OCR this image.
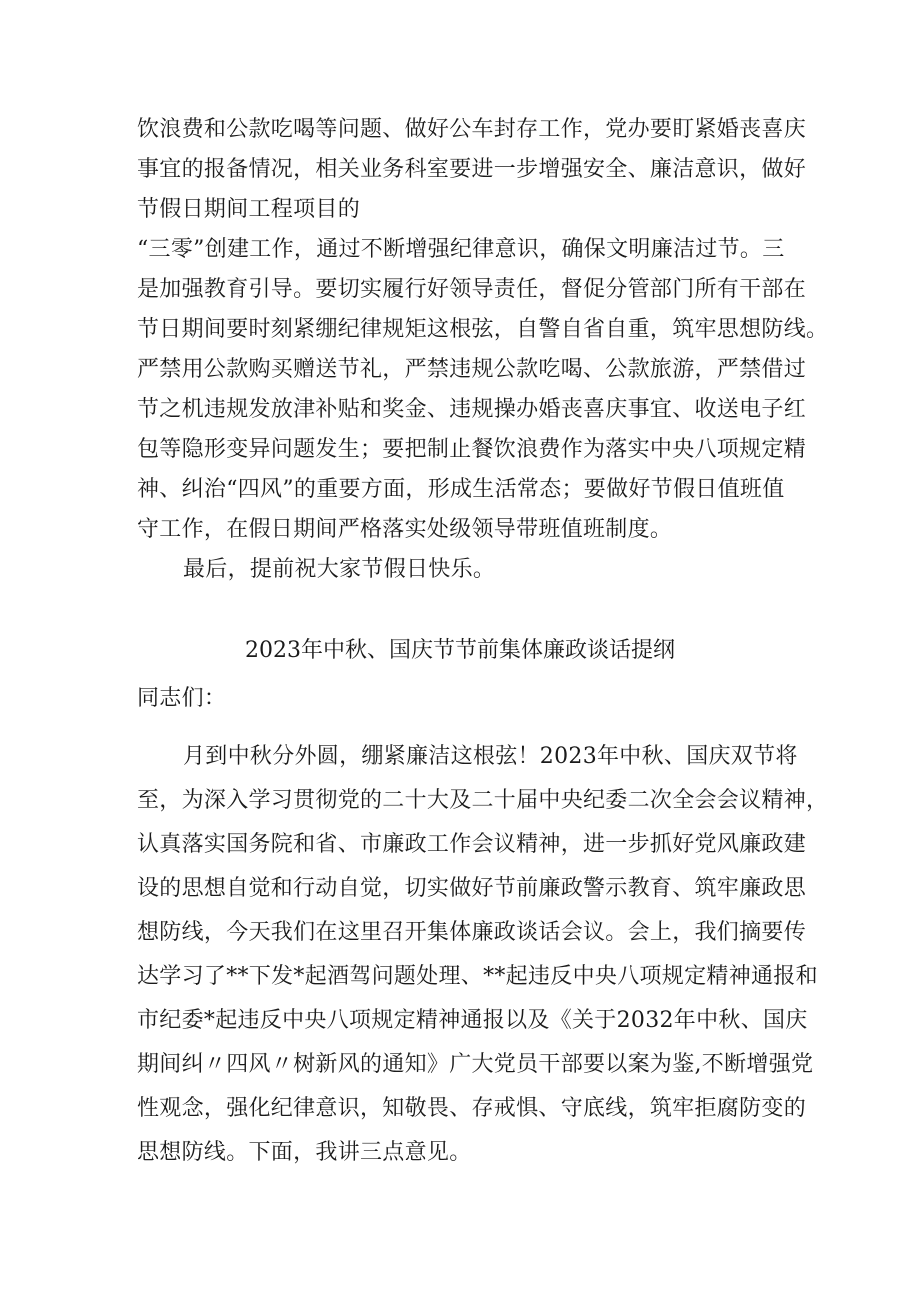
饮浪费和公款吃喝等问题、做好公车封存工作，党办要盯紧婚丧喜庆
事宜的报备情况，相关业务科室要进一步增强安全、廉洁意识，做好
节假日期间工程项目的
“三零”创建工作，通过不断增强纪律意识，确保文明廉洁过节。三
是加强教育引导。要切实履行好领导责任，督促分管部门所有干部在
节日期间要时刻紧绷纪律规矩这根弦，自警自省自重，筑牢思想防线。
严禁用公款购买赠送节礼，严禁违规公款吃喝、公款旅游，严禁借过
节之机违规发放津补贴和奖金、违规操办婚丧喜庆事宜、收送电子红
包等隐形变异问题发生；要把制止餐饮浪费作为落实中央八项规定精
神、纠治“四风”的重要方面，形成生活常态；要做好节假日值班值
守工作，在假日期间严格落实处级领导带班值班制度。
最后，提前祝大家节假日快乐。
2023年中秋、国庆节节前集体廉政谈话提纲
同志们：
月到中秋分外圆，绷紧廉洁这根弦！2023年中秋、国庆双节将
至，为深入学习贯彻党的二十大及二十届中央纪委二次全会会议精神，
认真落实国务院和省、市廉政工作会议精神，进一步抓好党风廉政建
设的思想自觉和行动自觉，切实做好节前廉政警示教育、筑牢廉政思
想防线，今天我们在这里召开集体廉政谈话会议。会上，我们摘要传
达学习了**下发*起酒驾问题处理、**起违反中央八项规定精神通报和
市纪委*起违反中央八项规定精神通报以及《关于2032年中秋、国庆
期间纠〃四风〃树新风的通知》广大党员干部要以案为鉴,不断增强党
性观念，强化纪律意识，知敬畏、存戒惧、守底线，筑牢拒腐防变的
思想防线。下面，我讲三点意见。
